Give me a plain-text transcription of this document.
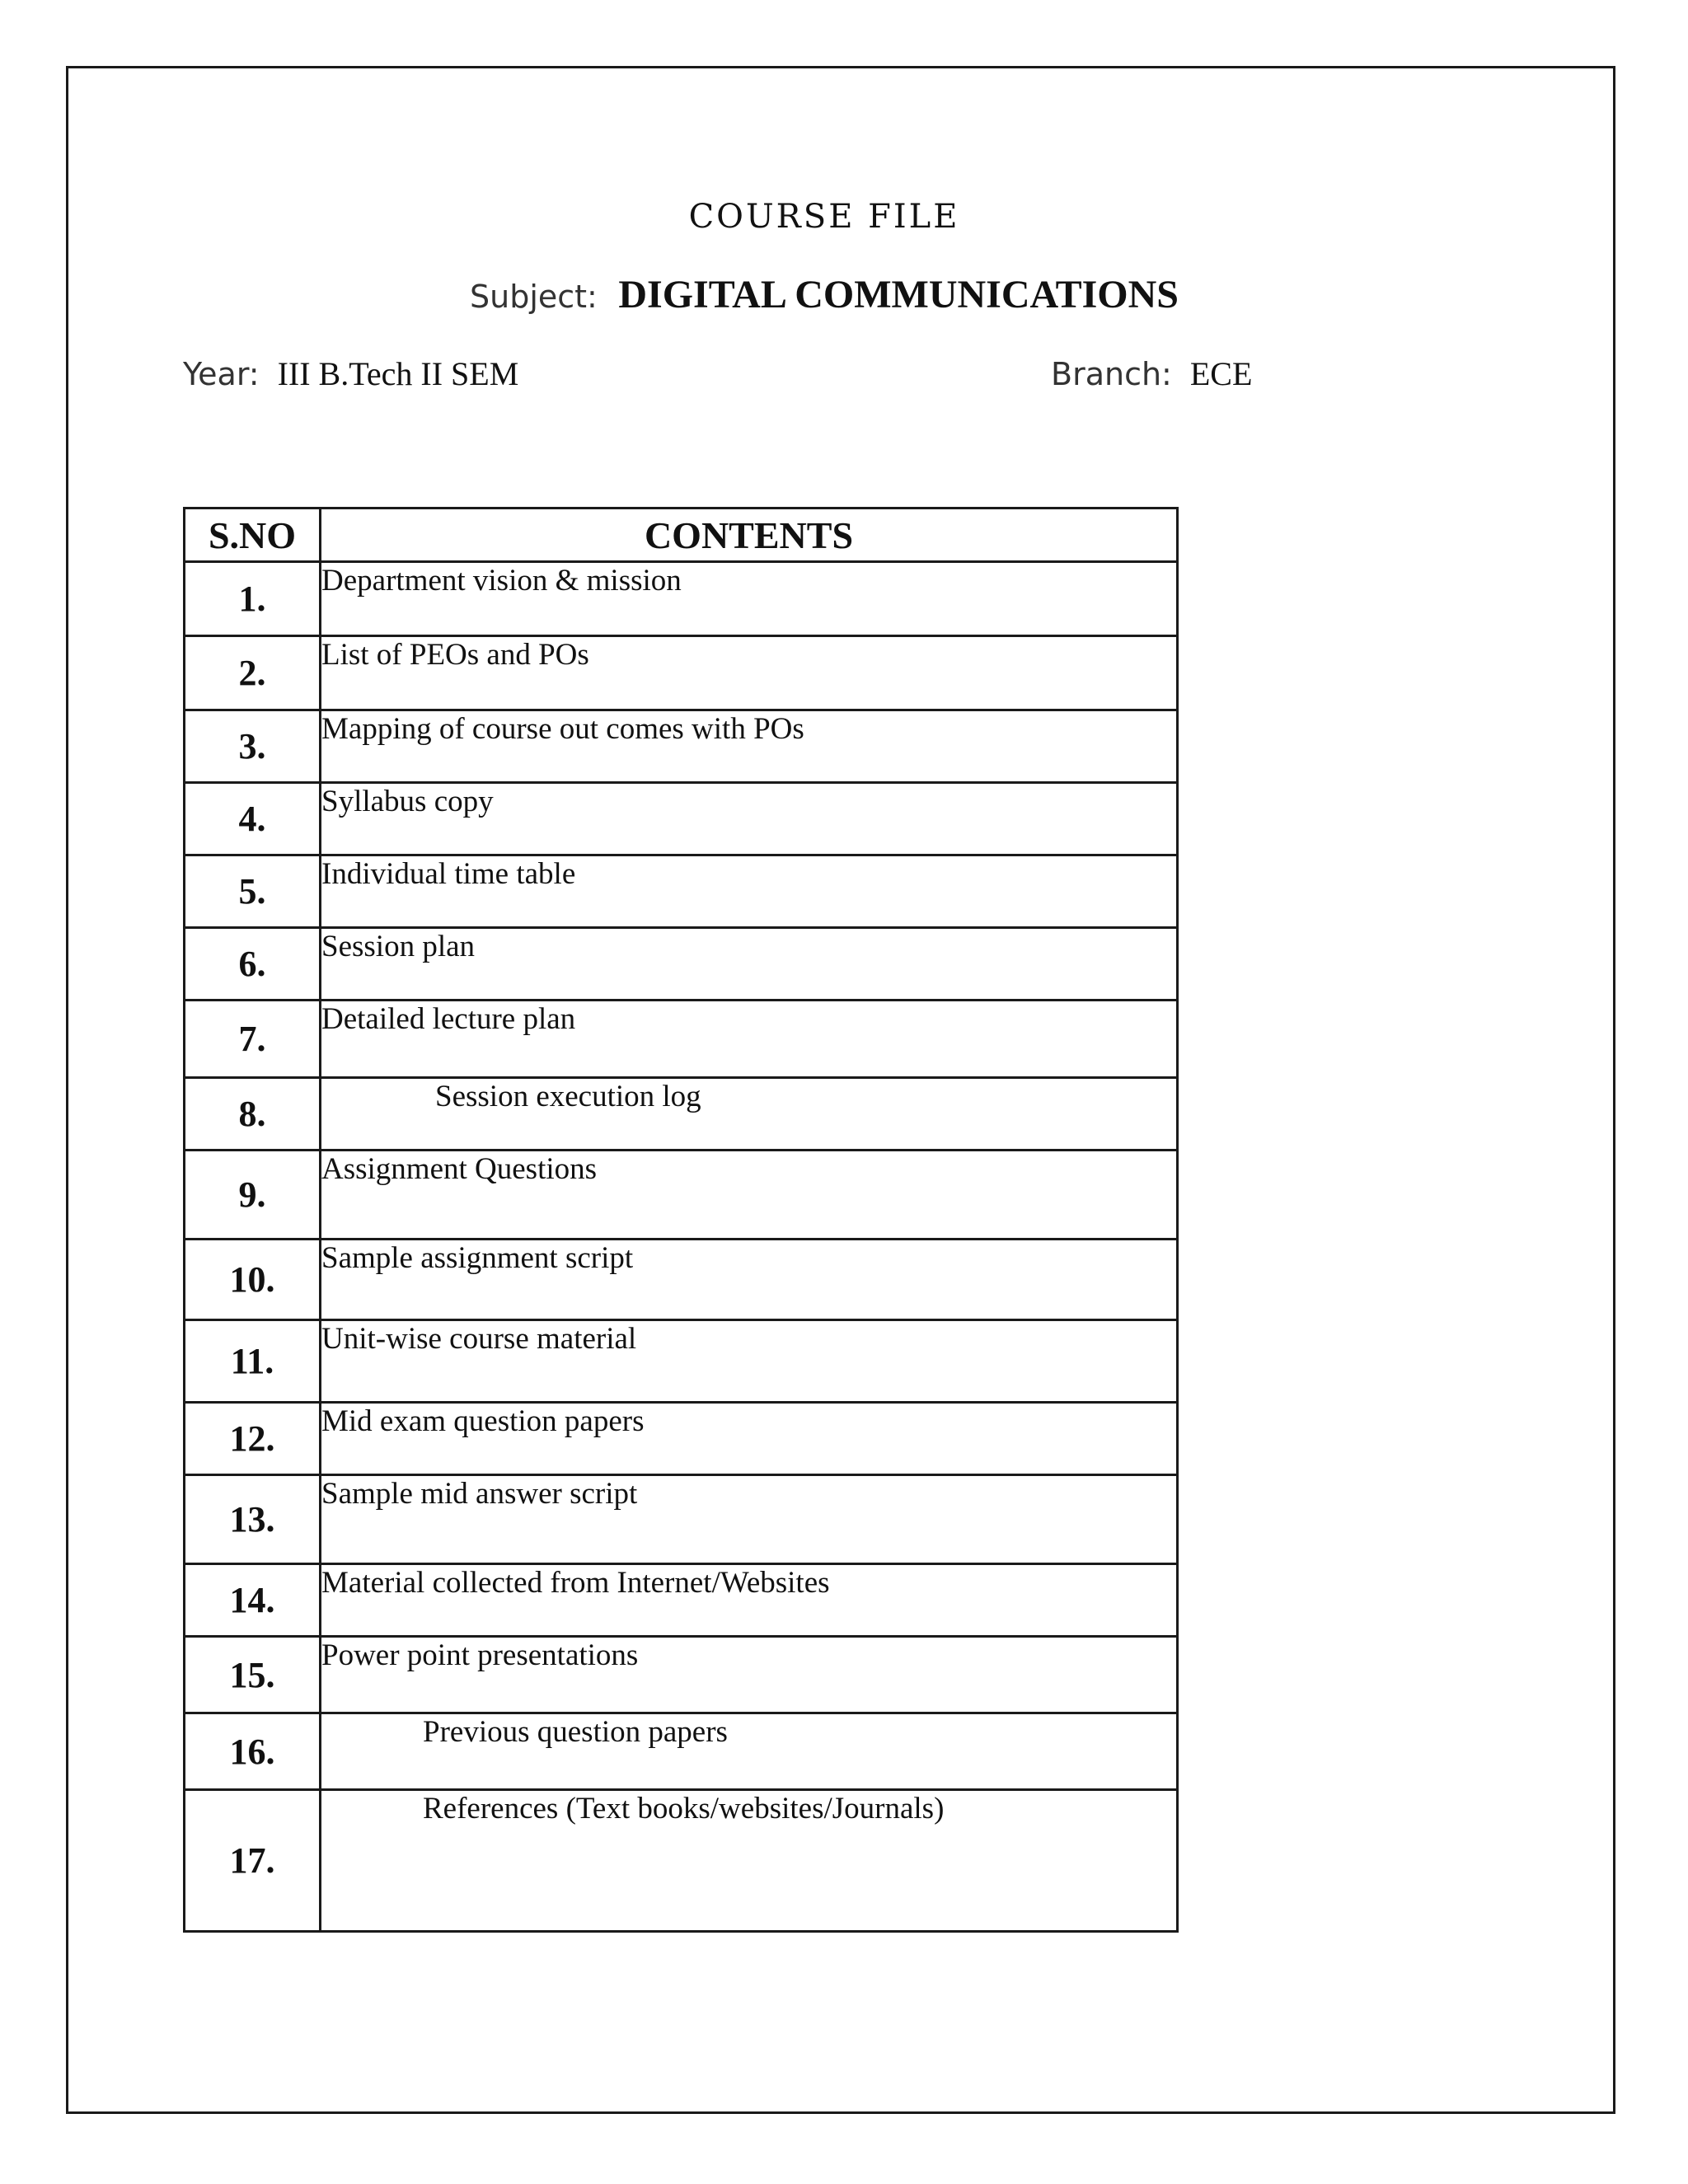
COURSE FILE
Subject: DIGITAL COMMUNICATIONS
Year: III B.Tech II SEM	Branch: ECE
S.NO	CONTENTS
1.	Department vision & mission
2.	List of PEOs and POs
3.	Mapping of course out comes with POs
4.	Syllabus copy
5.	Individual time table
6.	Session plan
7.	Detailed lecture plan
8.	Session execution log
9.	Assignment Questions
10.	Sample assignment script
11.	Unit-wise course material
12.	Mid exam question papers
13.	Sample mid answer script
14.	Material collected from Internet/Websites
15.	Power point presentations
16.	Previous question papers
17.	References (Text books/websites/Journals)
